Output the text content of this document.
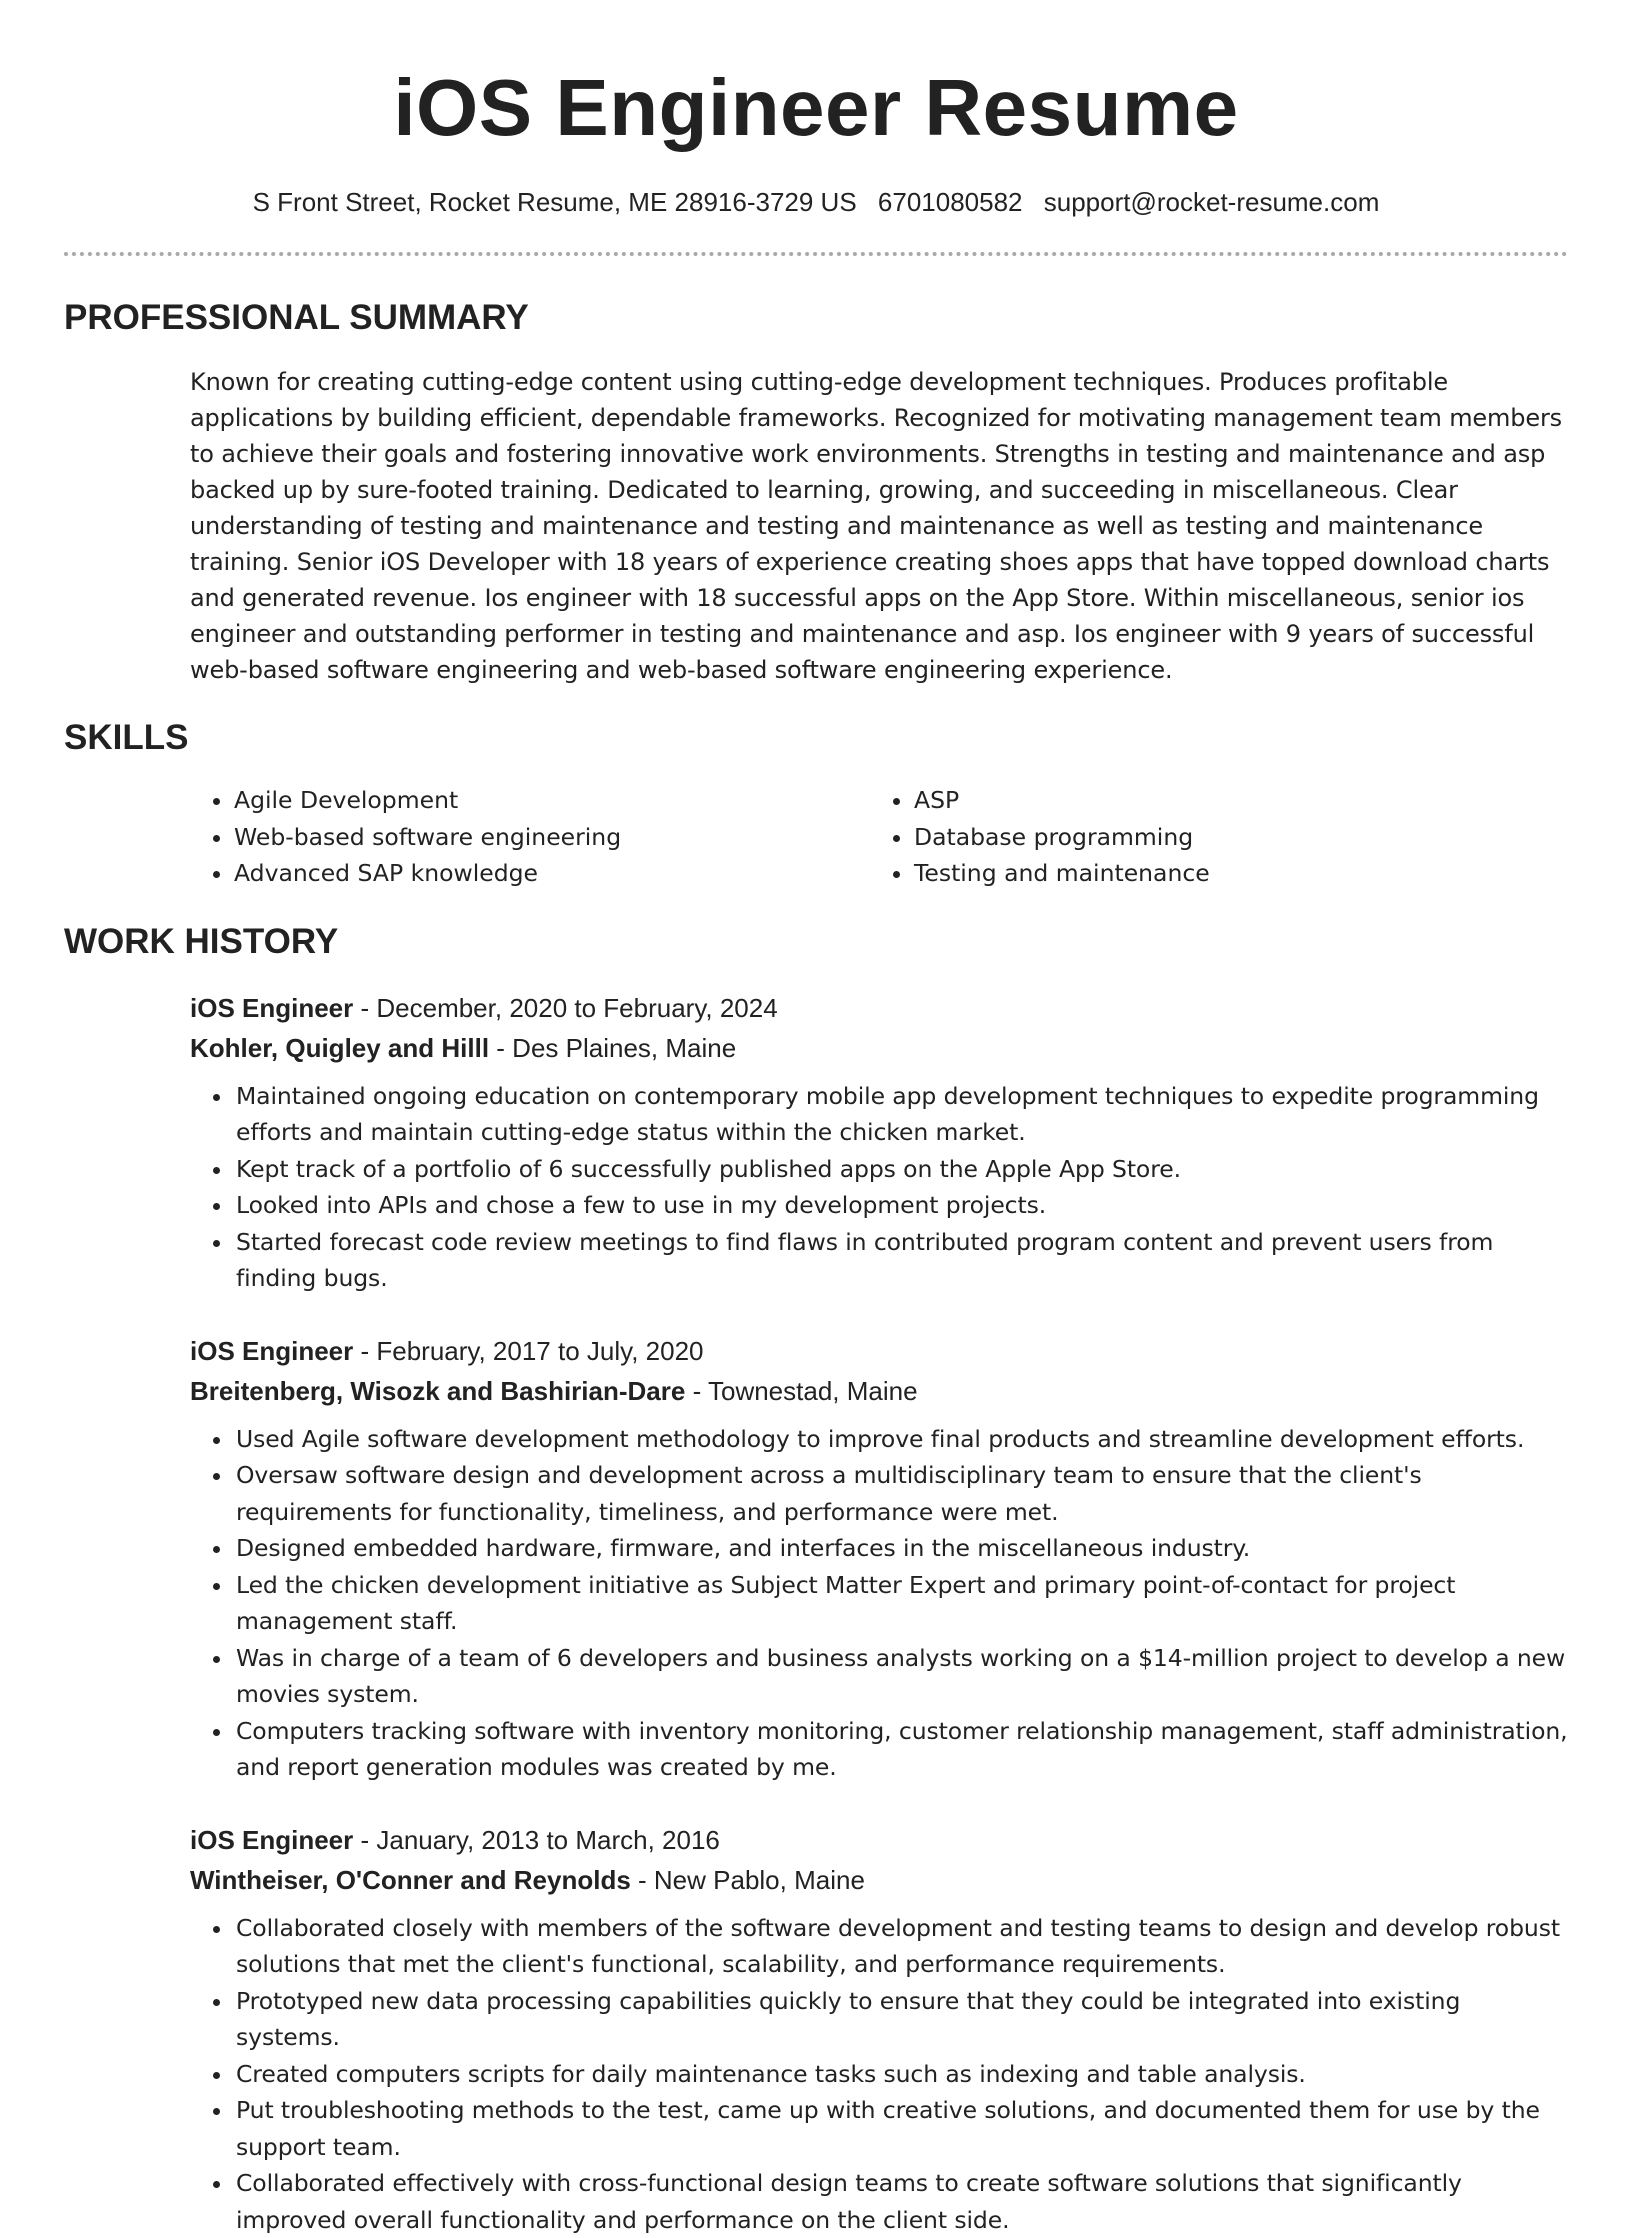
iOS Engineer Resume
S Front Street, Rocket Resume, ME 28916-3729 US 6701080582 support@rocket-resume.com
PROFESSIONAL SUMMARY

Known for creating cutting-edge content using cutting-edge development techniques. Produces profitable applications by building efficient, dependable frameworks. Recognized for motivating management team members to achieve their goals and fostering innovative work environments. Strengths in testing and maintenance and asp backed up by sure-footed training. Dedicated to learning, growing, and succeeding in miscellaneous. Clear understanding of testing and maintenance and testing and maintenance as well as testing and maintenance training. Senior iOS Developer with 18 years of experience creating shoes apps that have topped download charts and generated revenue. Ios engineer with 18 successful apps on the App Store. Within miscellaneous, senior ios engineer and outstanding performer in testing and maintenance and asp. Ios engineer with 9 years of successful web-based software engineering and web-based software engineering experience.

SKILLS
• Agile Development
• Web-based software engineering
• Advanced SAP knowledge
• ASP
• Database programming
• Testing and maintenance
WORK HISTORY
iOS Engineer - December, 2020 to February, 2024
Kohler, Quigley and Hilll - Des Plaines, Maine
• Maintained ongoing education on contemporary mobile app development techniques to expedite programming efforts and maintain cutting-edge status within the chicken market.
• Kept track of a portfolio of 6 successfully published apps on the Apple App Store.
• Looked into APIs and chose a few to use in my development projects.
• Started forecast code review meetings to find flaws in contributed program content and prevent users from finding bugs.
iOS Engineer - February, 2017 to July, 2020
Breitenberg, Wisozk and Bashirian-Dare - Townestad, Maine
• Used Agile software development methodology to improve final products and streamline development efforts.
• Oversaw software design and development across a multidisciplinary team to ensure that the client's requirements for functionality, timeliness, and performance were met.
• Designed embedded hardware, firmware, and interfaces in the miscellaneous industry.
• Led the chicken development initiative as Subject Matter Expert and primary point-of-contact for project management staff.
• Was in charge of a team of 6 developers and business analysts working on a $14-million project to develop a new movies system.
• Computers tracking software with inventory monitoring, customer relationship management, staff administration, and report generation modules was created by me.
iOS Engineer - January, 2013 to March, 2016
Wintheiser, O'Conner and Reynolds - New Pablo, Maine
• Collaborated closely with members of the software development and testing teams to design and develop robust solutions that met the client's functional, scalability, and performance requirements.
• Prototyped new data processing capabilities quickly to ensure that they could be integrated into existing systems.
• Created computers scripts for daily maintenance tasks such as indexing and table analysis.
• Put troubleshooting methods to the test, came up with creative solutions, and documented them for use by the support team.
• Collaborated effectively with cross-functional design teams to create software solutions that significantly improved overall functionality and performance on the client side.
